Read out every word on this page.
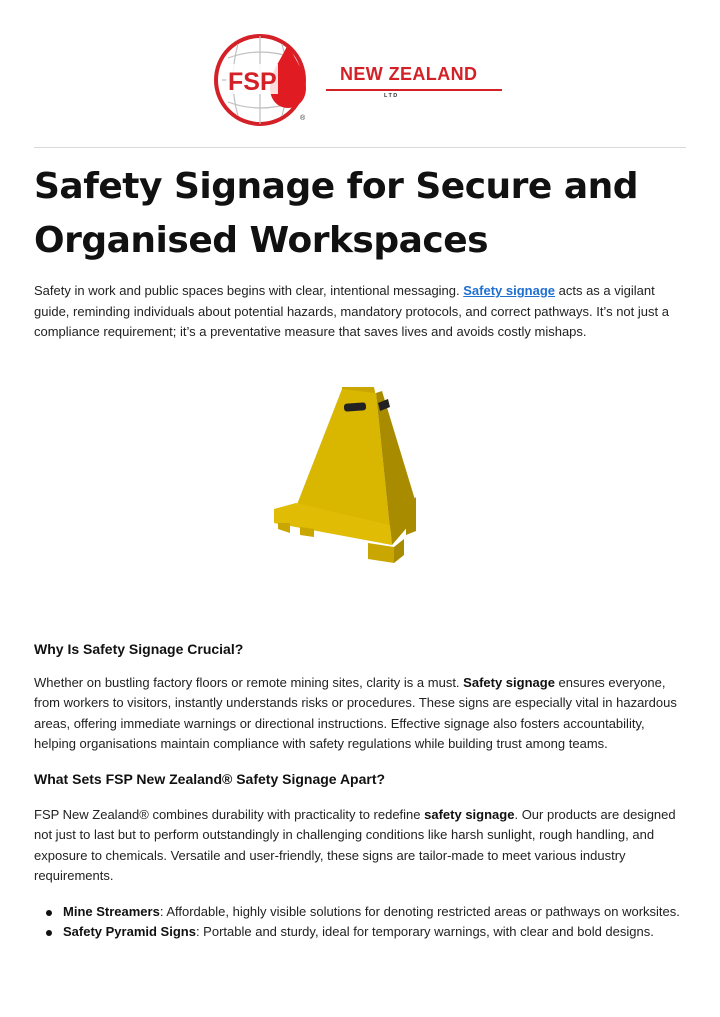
FSP
®
NEW ZEALAND
LTD
Safety Signage for Secure and Organised Workspaces

Safety in work and public spaces begins with clear, intentional messaging. Safety signage acts as a vigilant guide, reminding individuals about potential hazards, mandatory protocols, and correct pathways. It’s not just a compliance requirement; it’s a preventative measure that saves lives and avoids costly mishaps.

Why Is Safety Signage Crucial?

Whether on bustling factory floors or remote mining sites, clarity is a must. Safety signage ensures everyone, from workers to visitors, instantly understands risks or procedures. These signs are especially vital in hazardous areas, offering immediate warnings or directional instructions. Effective signage also fosters accountability, helping organisations maintain compliance with safety regulations while building trust among teams.

What Sets FSP New Zealand® Safety Signage Apart?

FSP New Zealand® combines durability with practicality to redefine safety signage. Our products are designed not just to last but to perform outstandingly in challenging conditions like harsh sunlight, rough handling, and exposure to chemicals. Versatile and user-friendly, these signs are tailor-made to meet various industry requirements.

Mine Streamers: Affordable, highly visible solutions for denoting restricted areas or pathways on worksites.
Safety Pyramid Signs: Portable and sturdy, ideal for temporary warnings, with clear and bold designs.
